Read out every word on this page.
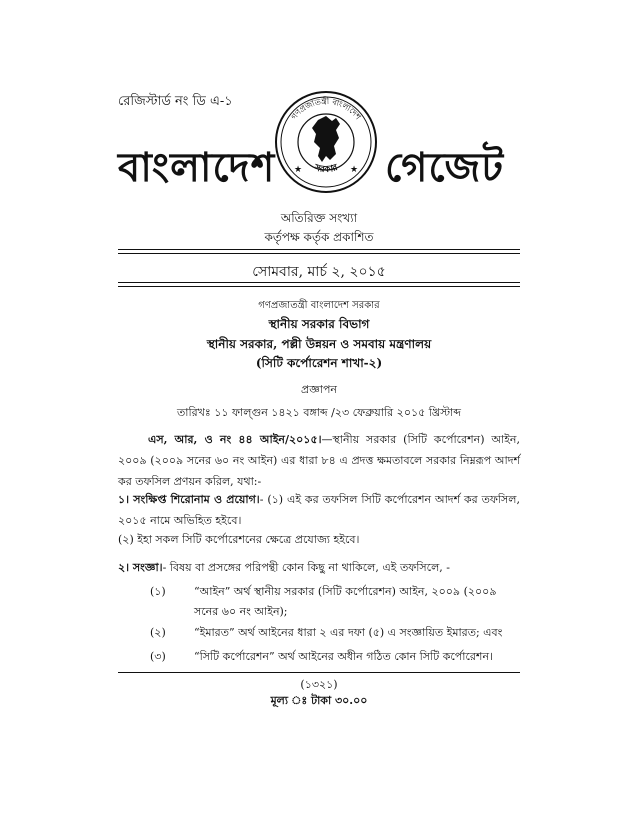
রেজিস্টার্ড নং ডি এ-১
বাংলাদেশ
গণপ্রজাতন্ত্রী বাংলাদেশ
সরকার
★	★ গেজেট
অতিরিক্ত সংখ্যা
কর্তৃপক্ষ কর্তৃক প্রকাশিত
সোমবার, মার্চ ২, ২০১৫
গণপ্রজাতন্ত্রী বাংলাদেশ সরকার
স্থানীয় সরকার বিভাগ
স্থানীয় সরকার, পল্লী উন্নয়ন ও সমবায় মন্ত্রণালয়
(সিটি কর্পোরেশন শাখা-২)
প্রজ্ঞাপন
তারিখঃ ১১ ফাল্গুন ১৪২১ বঙ্গাব্দ /২৩ ফেব্রুয়ারি ২০১৫ খ্রিস্টাব্দ
এস, আর, ও নং ৪৪ আইন/২০১৫।—স্থানীয় সরকার (সিটি কর্পোরেশন) আইন, ২০০৯ (২০০৯ সনের ৬০ নং আইন) এর ধারা ৮৪ এ প্রদত্ত ক্ষমতাবলে সরকার নিম্নরূপ আদর্শ কর তফসিল প্রণয়ন করিল, যথা:-
১। সংক্ষিপ্ত শিরোনাম ও প্রয়োগ।- (১) এই কর তফসিল সিটি কর্পোরেশন আদর্শ কর তফসিল, ২০১৫ নামে অভিহিত হইবে।
(২) ইহা সকল সিটি কর্পোরেশনের ক্ষেত্রে প্রযোজ্য হইবে।
২। সংজ্ঞা।- বিষয় বা প্রসঙ্গের পরিপন্থী কোন কিছু না থাকিলে, এই তফসিলে, -
(১)	“আইন” অর্থ স্থানীয় সরকার (সিটি কর্পোরেশন) আইন, ২০০৯ (২০০৯ সনের ৬০ নং আইন);
(২)	“ইমারত” অর্থ আইনের ধারা ২ এর দফা (৫) এ সংজ্ঞায়িত ইমারত; এবং
(৩)	“সিটি কর্পোরেশন” অর্থ আইনের অধীন গঠিত কোন সিটি কর্পোরেশন।
(১৩২১)
মূল্য ঃ টাকা ৩০.০০
